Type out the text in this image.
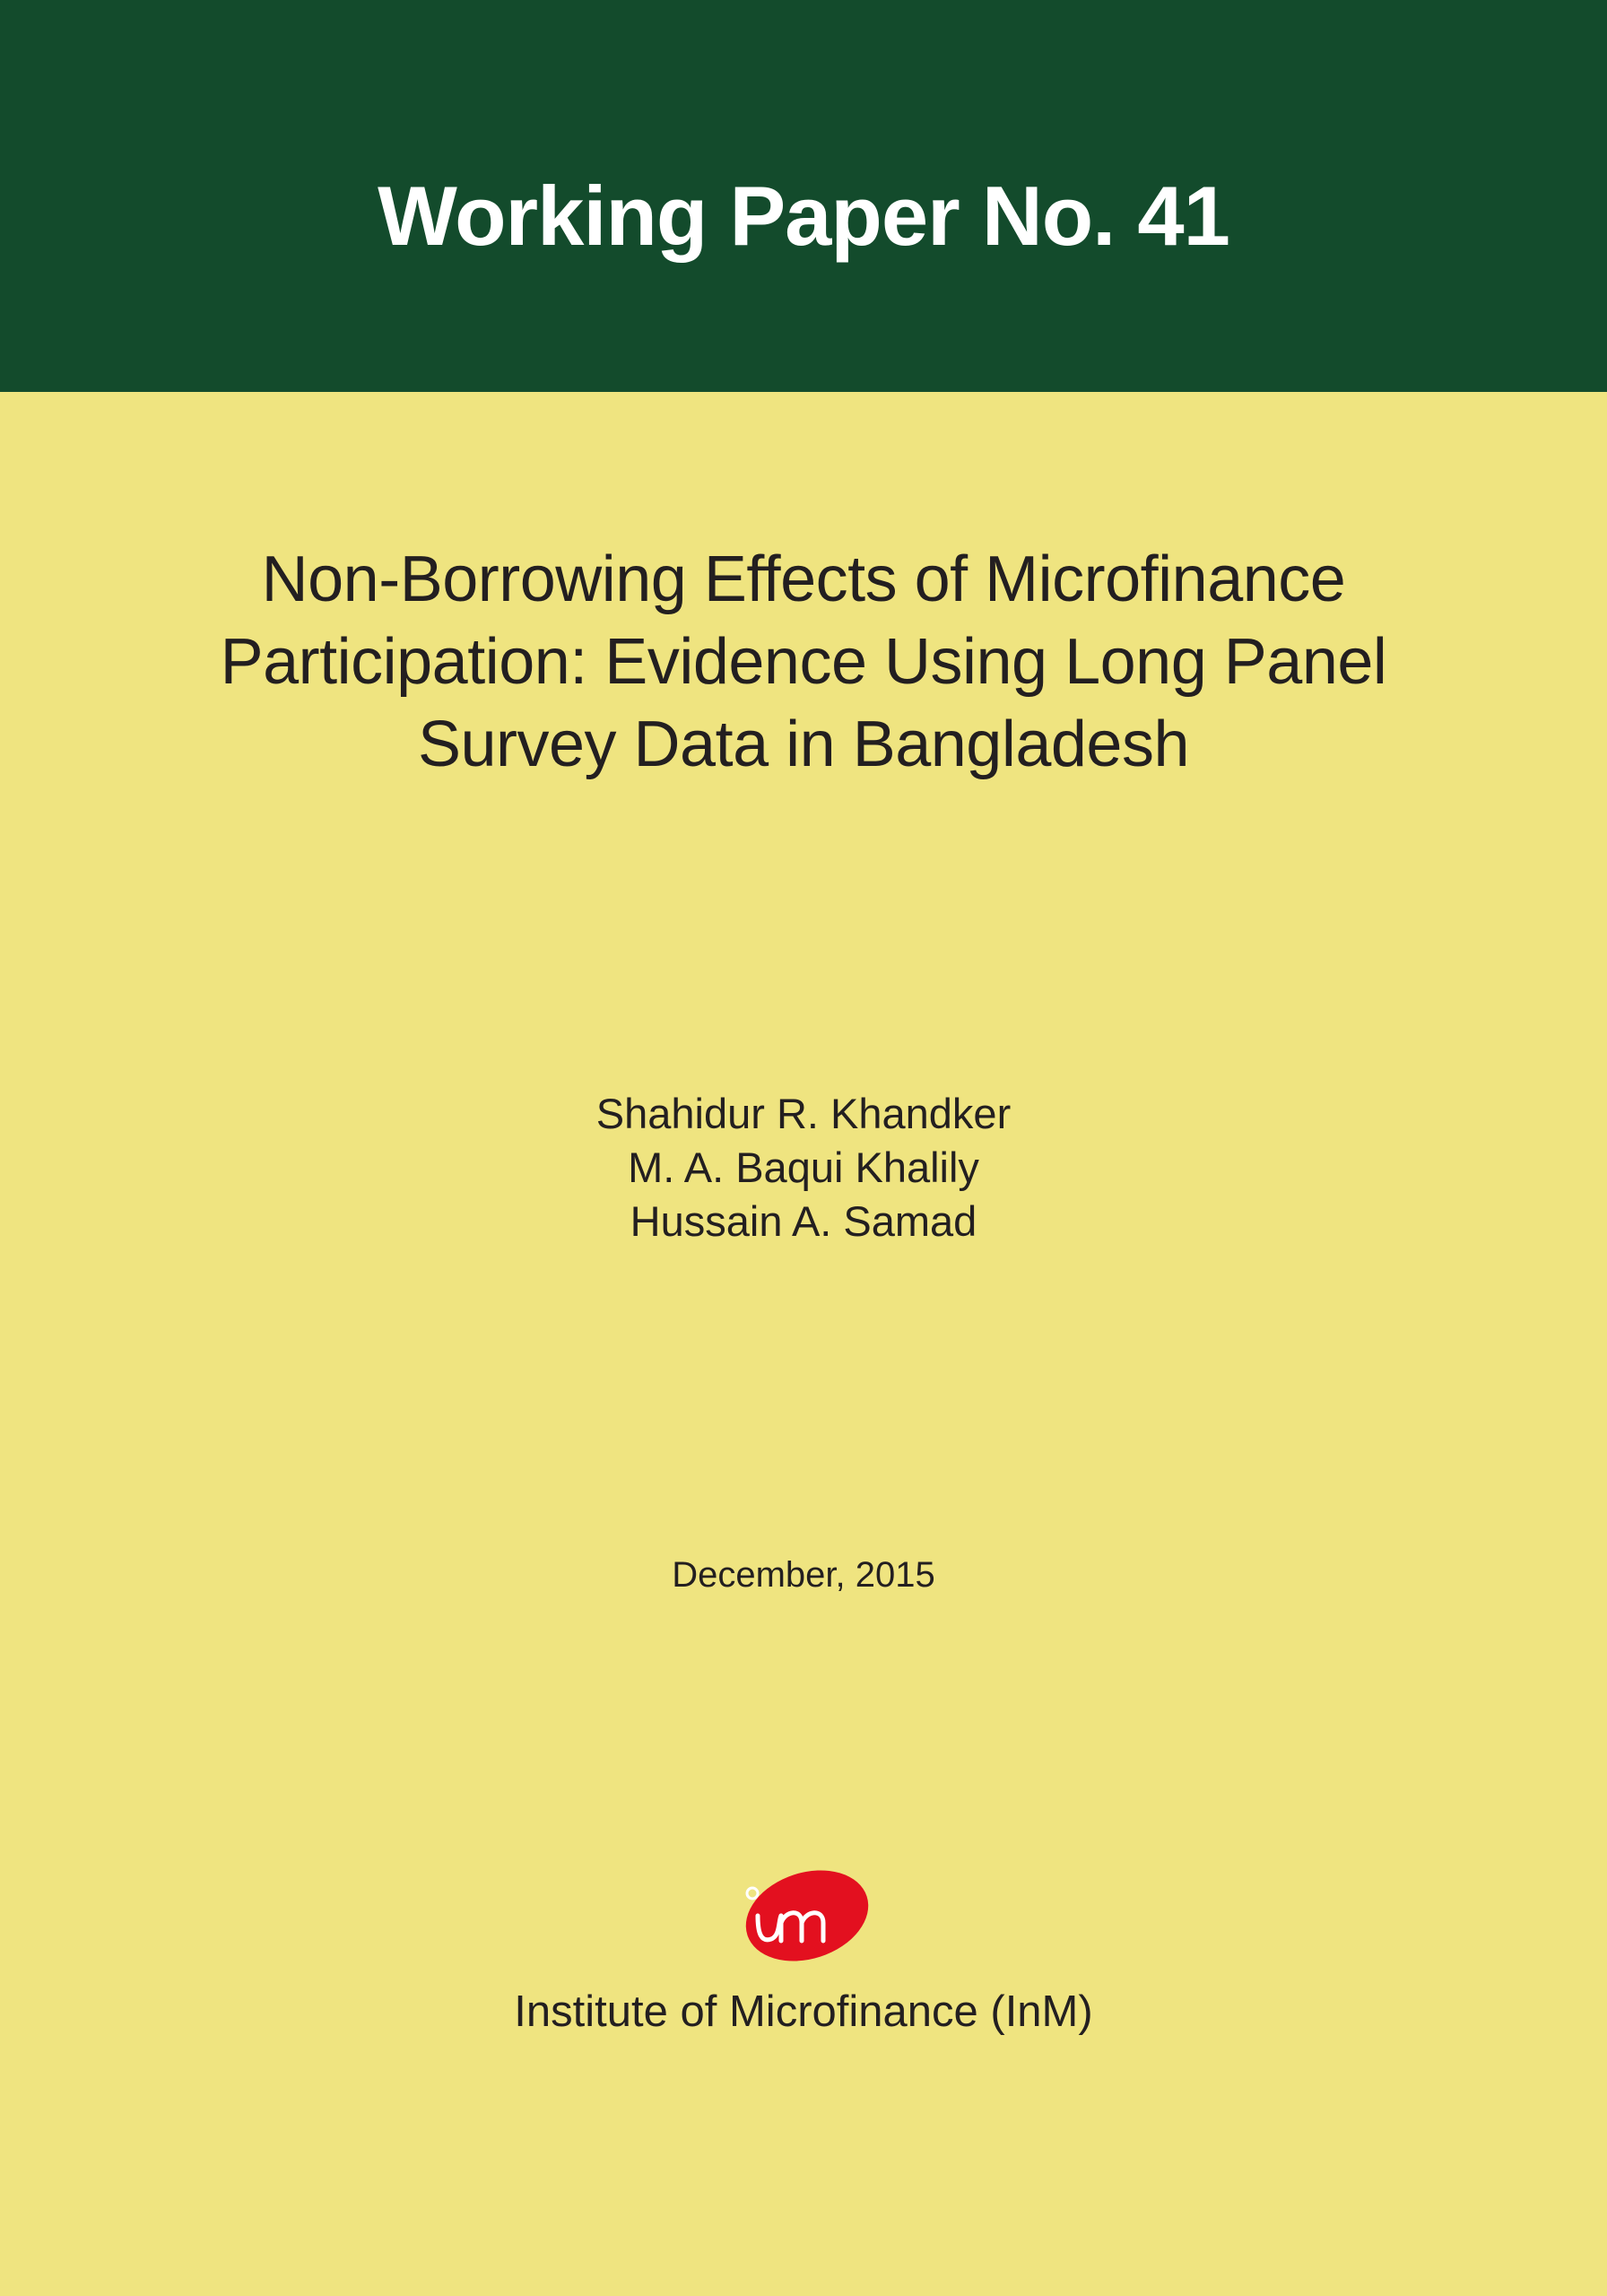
Working Paper No. 41
Non-Borrowing Effects of Microfinance
Participation: Evidence Using Long Panel
Survey Data in Bangladesh
Shahidur R. Khandker
M. A. Baqui Khalily
Hussain A. Samad
December, 2015
Institute of Microfinance (InM)
